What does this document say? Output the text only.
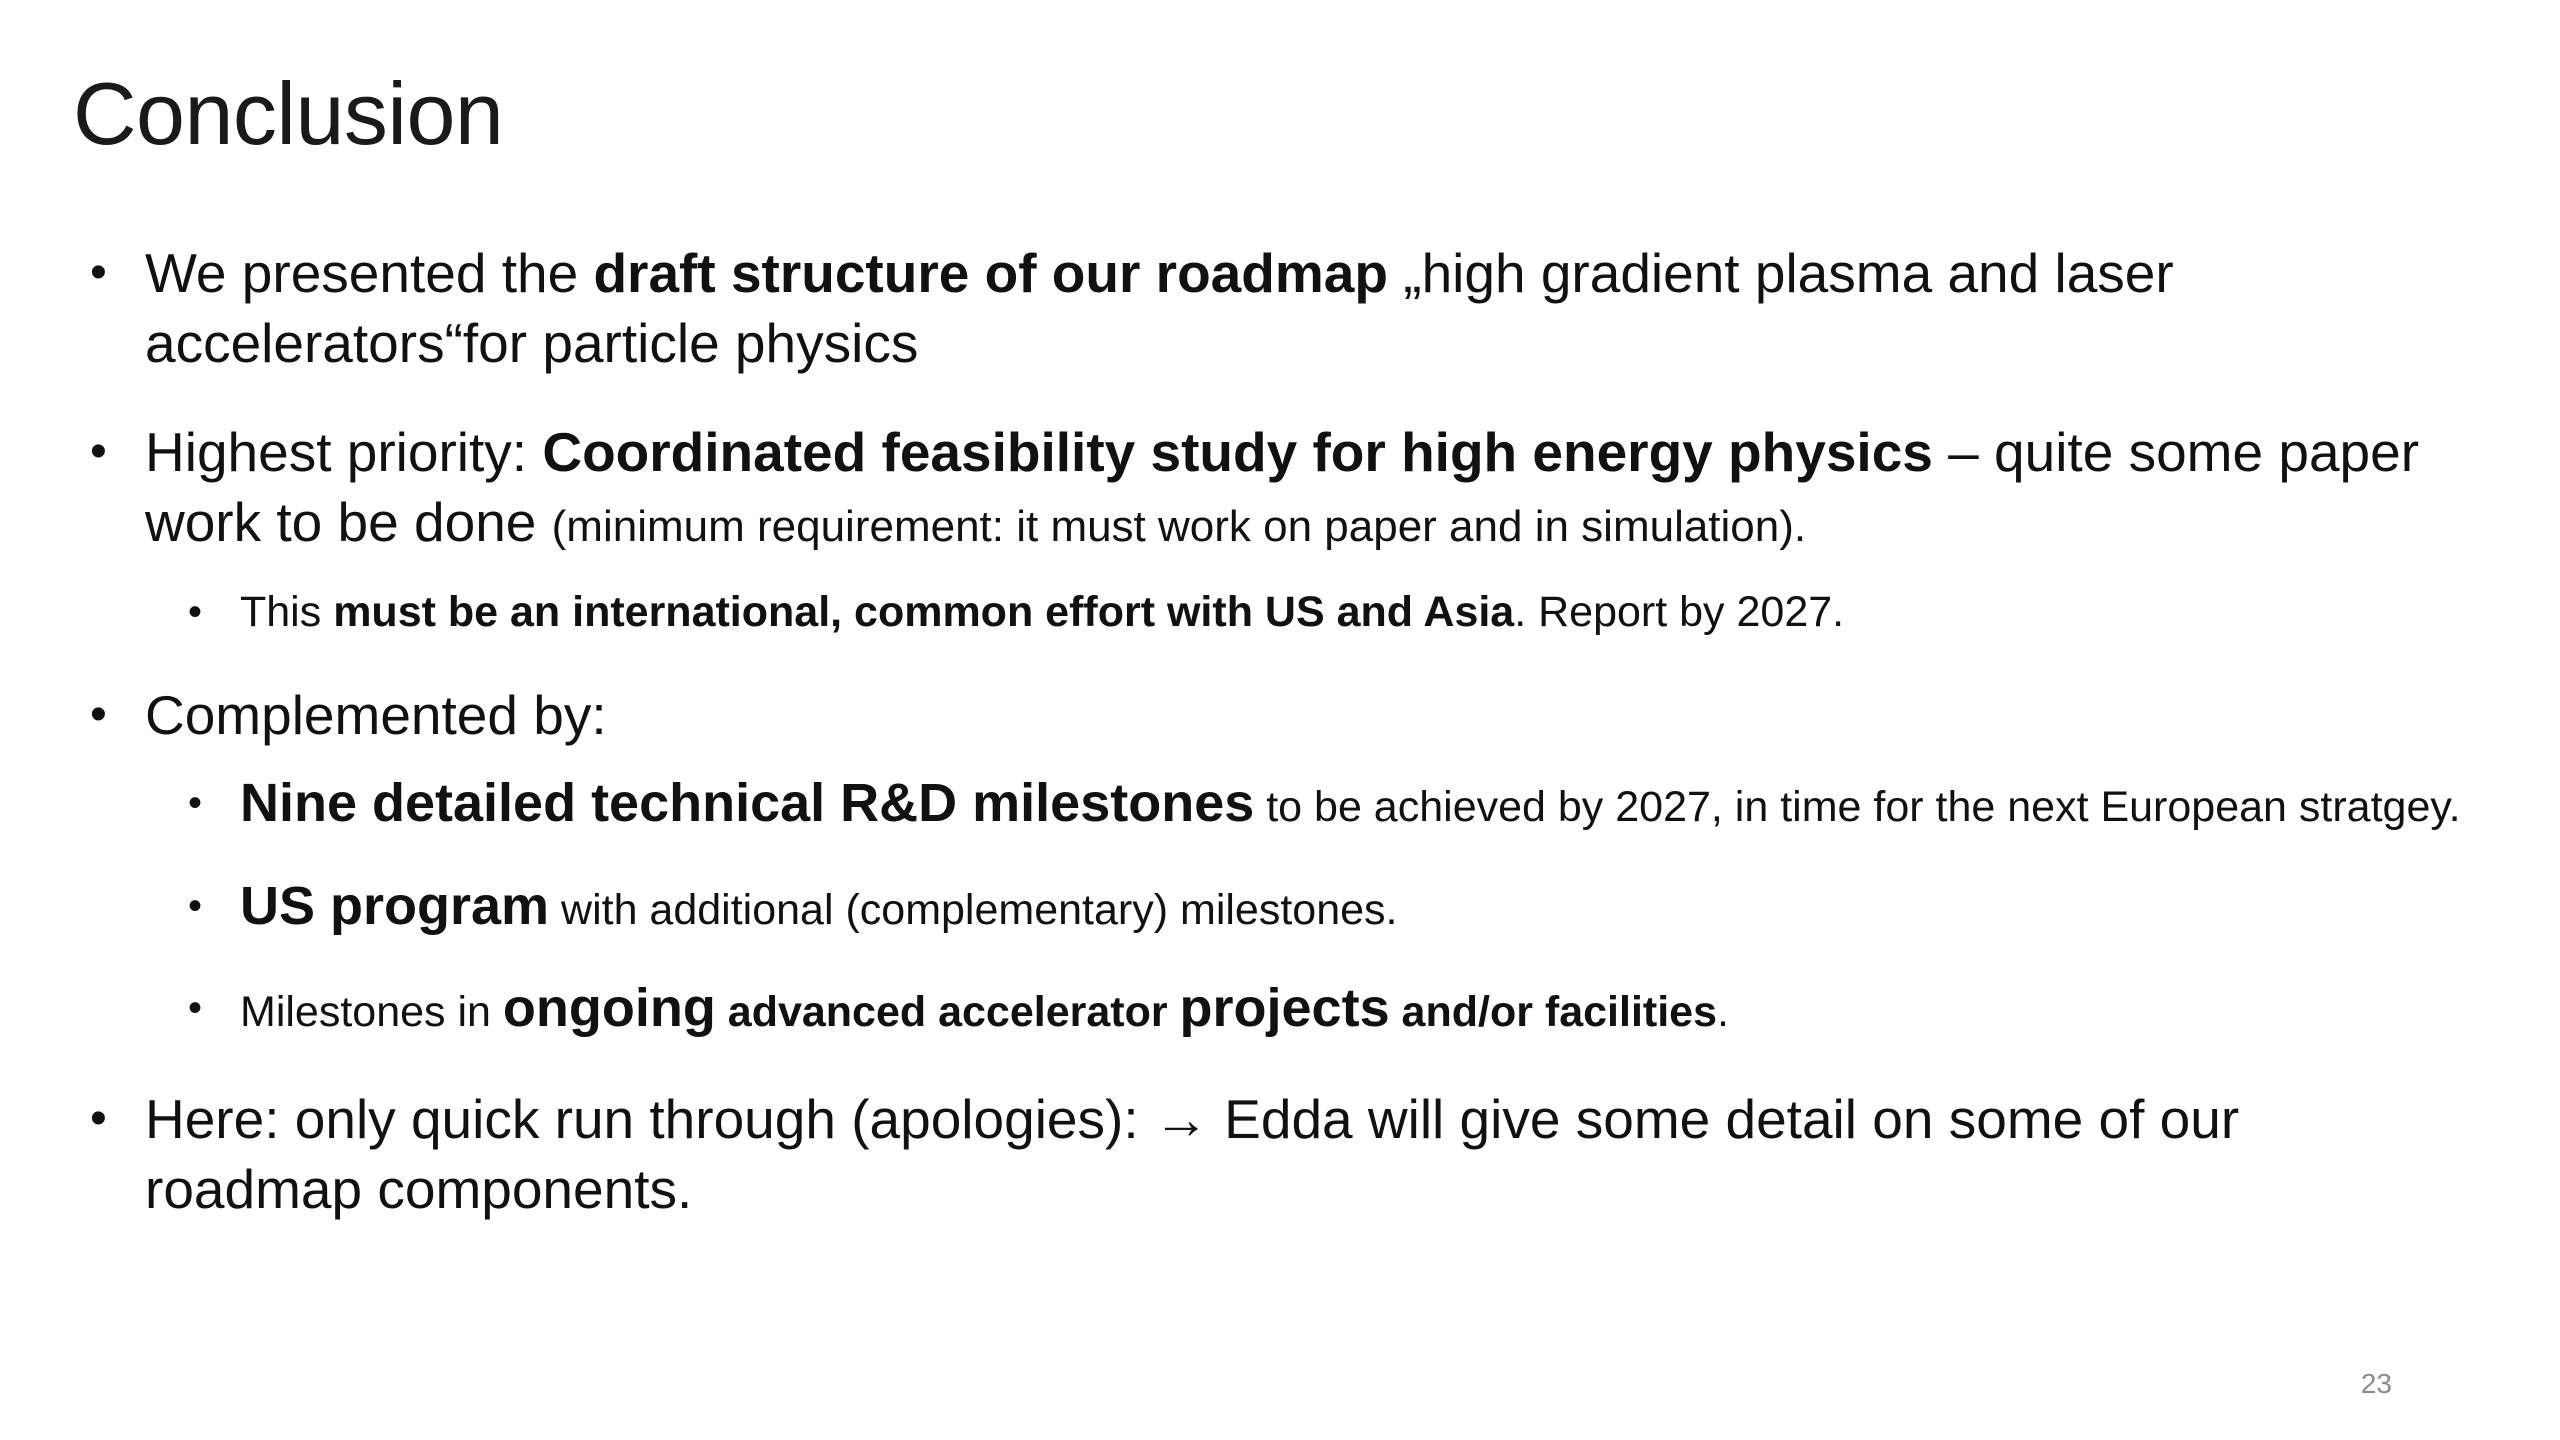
Conclusion
• We presented the draft structure of our roadmap „high gradient plasma and laser accelerators“for particle physics
• Highest priority: Coordinated feasibility study for high energy physics – quite some paper work to be done (minimum requirement: it must work on paper and in simulation).
• This must be an international, common effort with US and Asia. Report by 2027.
• Complemented by:
• Nine detailed technical R&D milestones to be achieved by 2027, in time for the next European stratgey.
• US program with additional (complementary) milestones.
• Milestones in ongoing advanced accelerator projects and/or facilities.
• Here: only quick run through (apologies): → Edda will give some detail on some of our roadmap components.
23
